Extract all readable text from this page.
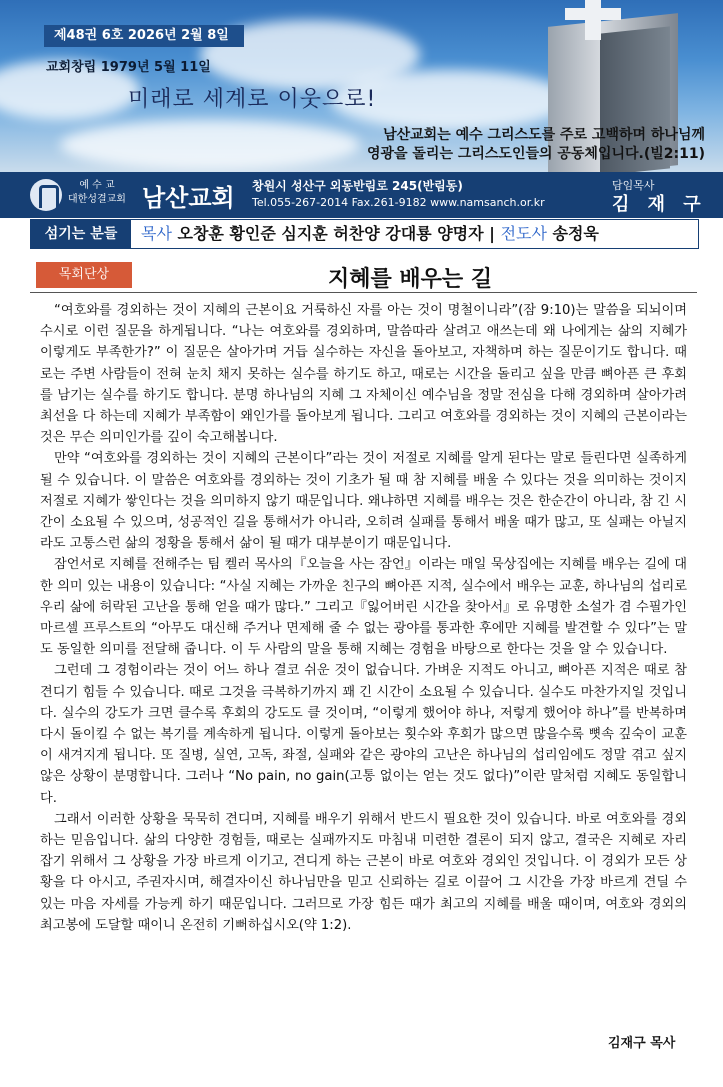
제48권 6호 2026년 2월 8일
교회창립 1979년 5월 11일
미래로 세계로 이웃으로!
남산교회는 예수 그리스도를 주로 고백하며 하나님께
영광을 돌리는 그리스도인들의 공동체입니다.(빌2:11)
예 수 교
대한성결교회 남산교회 창원시 성산구 외동반림로 245(반림동)
Tel.055-267-2014 Fax.261-9182 www.namsanch.or.kr
담임목사
김 재 구
섬기는 분들	목사 오창훈 황인준 심지훈 허찬양 강대룡 양명자 | 전도사 송정욱
목회단상	지혜를 배우는 길

“여호와를 경외하는 것이 지혜의 근본이요 거룩하신 자를 아는 것이 명철이니라”(잠 9:10)는 말씀을 되뇌이며 수시로 이런 질문을 하게됩니다. “나는 여호와를 경외하며, 말씀따라 살려고 애쓰는데 왜 나에게는 삶의 지혜가 이렇게도 부족한가?” 이 질문은 살아가며 거듭 실수하는 자신을 돌아보고, 자책하며 하는 질문이기도 합니다. 때로는 주변 사람들이 전혀 눈치 채지 못하는 실수를 하기도 하고, 때로는 시간을 돌리고 싶을 만큼 뼈아픈 큰 후회를 남기는 실수를 하기도 합니다. 분명 하나님의 지혜 그 자체이신 예수님을 정말 전심을 다해 경외하며 살아가려 최선을 다 하는데 지혜가 부족함이 왜인가를 돌아보게 됩니다. 그리고 여호와를 경외하는 것이 지혜의 근본이라는 것은 무슨 의미인가를 깊이 숙고해봅니다.

만약 “여호와를 경외하는 것이 지혜의 근본이다”라는 것이 저절로 지혜를 알게 된다는 말로 들린다면 실족하게 될 수 있습니다. 이 말씀은 여호와를 경외하는 것이 기초가 될 때 참 지혜를 배울 수 있다는 것을 의미하는 것이지 저절로 지혜가 쌓인다는 것을 의미하지 않기 때문입니다. 왜냐하면 지혜를 배우는 것은 한순간이 아니라, 참 긴 시간이 소요될 수 있으며, 성공적인 길을 통해서가 아니라, 오히려 실패를 통해서 배울 때가 많고, 또 실패는 아닐지라도 고통스런 삶의 정황을 통해서 삶이 될 때가 대부분이기 때문입니다.

잠언서로 지혜를 전해주는 팀 켈러 목사의『오늘을 사는 잠언』이라는 매일 묵상집에는 지혜를 배우는 길에 대한 의미 있는 내용이 있습니다: “사실 지혜는 가까운 친구의 뼈아픈 지적, 실수에서 배우는 교훈, 하나님의 섭리로 우리 삶에 허락된 고난을 통해 얻을 때가 많다.” 그리고『잃어버린 시간을 찾아서』로 유명한 소설가 겸 수필가인 마르셀 프루스트의 “아무도 대신해 주거나 면제해 줄 수 없는 광야를 통과한 후에만 지혜를 발견할 수 있다”는 말도 동일한 의미를 전달해 줍니다. 이 두 사람의 말을 통해 지혜는 경험을 바탕으로 한다는 것을 알 수 있습니다.

그런데 그 경험이라는 것이 어느 하나 결코 쉬운 것이 없습니다. 가벼운 지적도 아니고, 뼈아픈 지적은 때로 참 견디기 힘들 수 있습니다. 때로 그것을 극복하기까지 꽤 긴 시간이 소요될 수 있습니다. 실수도 마찬가지일 것입니다. 실수의 강도가 크면 클수록 후회의 강도도 클 것이며, “이렇게 했어야 하나, 저렇게 했어야 하나”를 반복하며 다시 돌이킬 수 없는 복기를 계속하게 됩니다. 이렇게 돌아보는 횟수와 후회가 많으면 많을수록 뼛속 깊숙이 교훈이 새겨지게 됩니다. 또 질병, 실연, 고독, 좌절, 실패와 같은 광야의 고난은 하나님의 섭리임에도 정말 겪고 싶지 않은 상황이 분명합니다. 그러나 “No pain, no gain(고통 없이는 얻는 것도 없다)”이란 말처럼 지혜도 동일합니다.

그래서 이러한 상황을 묵묵히 견디며, 지혜를 배우기 위해서 반드시 필요한 것이 있습니다. 바로 여호와를 경외하는 믿음입니다. 삶의 다양한 경험들, 때로는 실패까지도 마침내 미련한 결론이 되지 않고, 결국은 지혜로 자리 잡기 위해서 그 상황을 가장 바르게 이기고, 견디게 하는 근본이 바로 여호와 경외인 것입니다. 이 경외가 모든 상황을 다 아시고, 주권자시며, 해결자이신 하나님만을 믿고 신뢰하는 길로 이끌어 그 시간을 가장 바르게 견딜 수 있는 마음 자세를 가능케 하기 때문입니다. 그러므로 가장 힘든 때가 최고의 지혜를 배울 때이며, 여호와 경외의 최고봉에 도달할 때이니 온전히 기뻐하십시오(약 1:2).

김재구 목사
